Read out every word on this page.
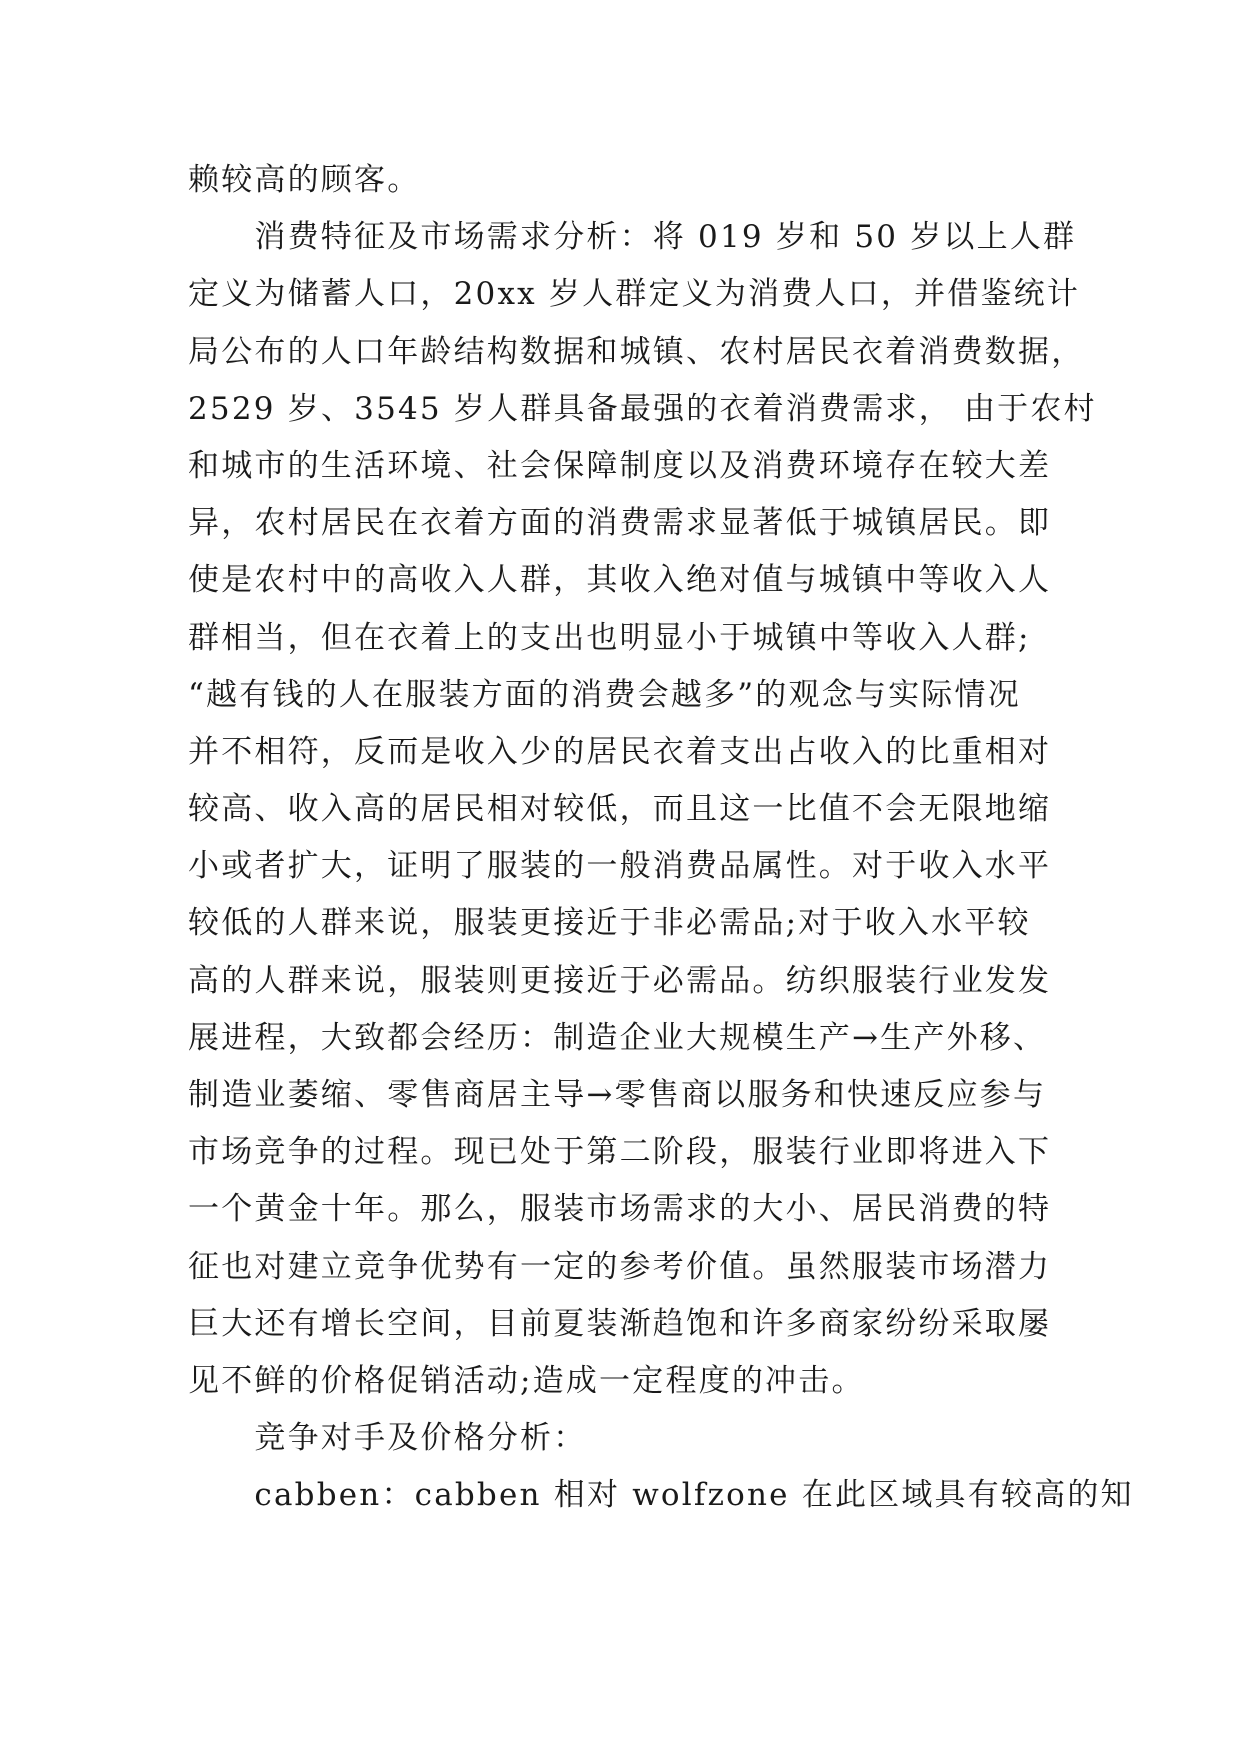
赖较高的顾客。
　　消费特征及市场需求分析：将 019 岁和 50 岁以上人群
定义为储蓄人口，20xx 岁人群定义为消费人口，并借鉴统计
局公布的人口年龄结构数据和城镇、农村居民衣着消费数据，
2529 岁、3545 岁人群具备最强的衣着消费需求， 由于农村
和城市的生活环境、社会保障制度以及消费环境存在较大差
异，农村居民在衣着方面的消费需求显著低于城镇居民。即
使是农村中的高收入人群，其收入绝对值与城镇中等收入人
群相当，但在衣着上的支出也明显小于城镇中等收入人群;
“越有钱的人在服装方面的消费会越多”的观念与实际情况
并不相符，反而是收入少的居民衣着支出占收入的比重相对
较高、收入高的居民相对较低，而且这一比值不会无限地缩
小或者扩大，证明了服装的一般消费品属性。对于收入水平
较低的人群来说，服装更接近于非必需品;对于收入水平较
高的人群来说，服装则更接近于必需品。纺织服装行业发发
展进程，大致都会经历：制造企业大规模生产→生产外移、
制造业萎缩、零售商居主导→零售商以服务和快速反应参与
市场竞争的过程。现已处于第二阶段，服装行业即将进入下
一个黄金十年。那么，服装市场需求的大小、居民消费的特
征也对建立竞争优势有一定的参考价值。虽然服装市场潜力
巨大还有增长空间，目前夏装渐趋饱和许多商家纷纷采取屡
见不鲜的价格促销活动;造成一定程度的冲击。
　　竞争对手及价格分析：
　　cabben：cabben 相对 wolfzone 在此区域具有较高的知
